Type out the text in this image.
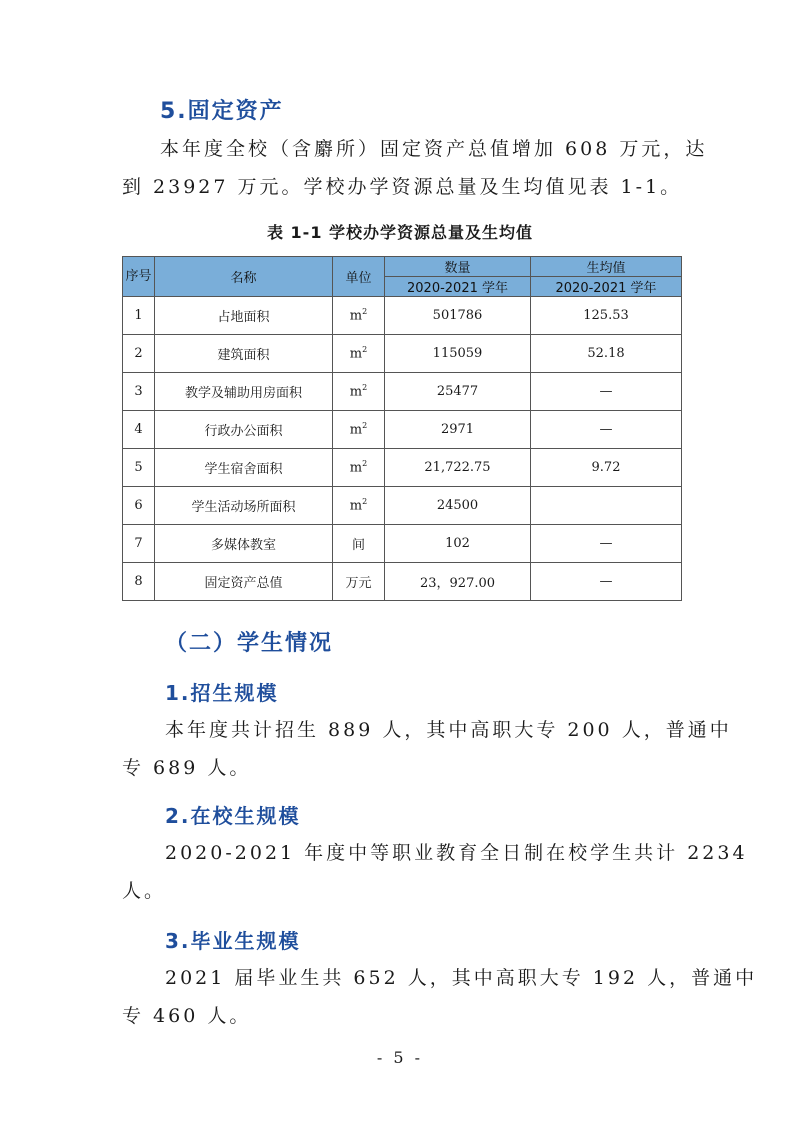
5.固定资产
本年度全校（含麝所）固定资产总值增加 608 万元，达
到 23927 万元。学校办学资源总量及生均值见表 1-1。
表 1-1 学校办学资源总量及生均值
序号	名称	单位	数量	生均值
			2020-2021 学年	2020-2021 学年
1	占地面积	$m^2$	501786	125.53
2	建筑面积	$m^2$	115059	52.18
3	教学及辅助用房面积	$m^2$	25477	—
4	行政办公面积	$m^2$	2971	—
5	学生宿舍面积	$m^2$	21,722.75	9.72
6	学生活动场所面积	$m^2$	24500	
7	多媒体教室	间	102	—
8	固定资产总值	万元	23，927.00	—
（二）学生情况
1.招生规模
本年度共计招生 889 人，其中高职大专 200 人，普通中
专 689 人。
2.在校生规模
2020-2021 年度中等职业教育全日制在校学生共计 2234
人。
3.毕业生规模
2021 届毕业生共 652 人，其中高职大专 192 人，普通中
专 460 人。
- 5 -
